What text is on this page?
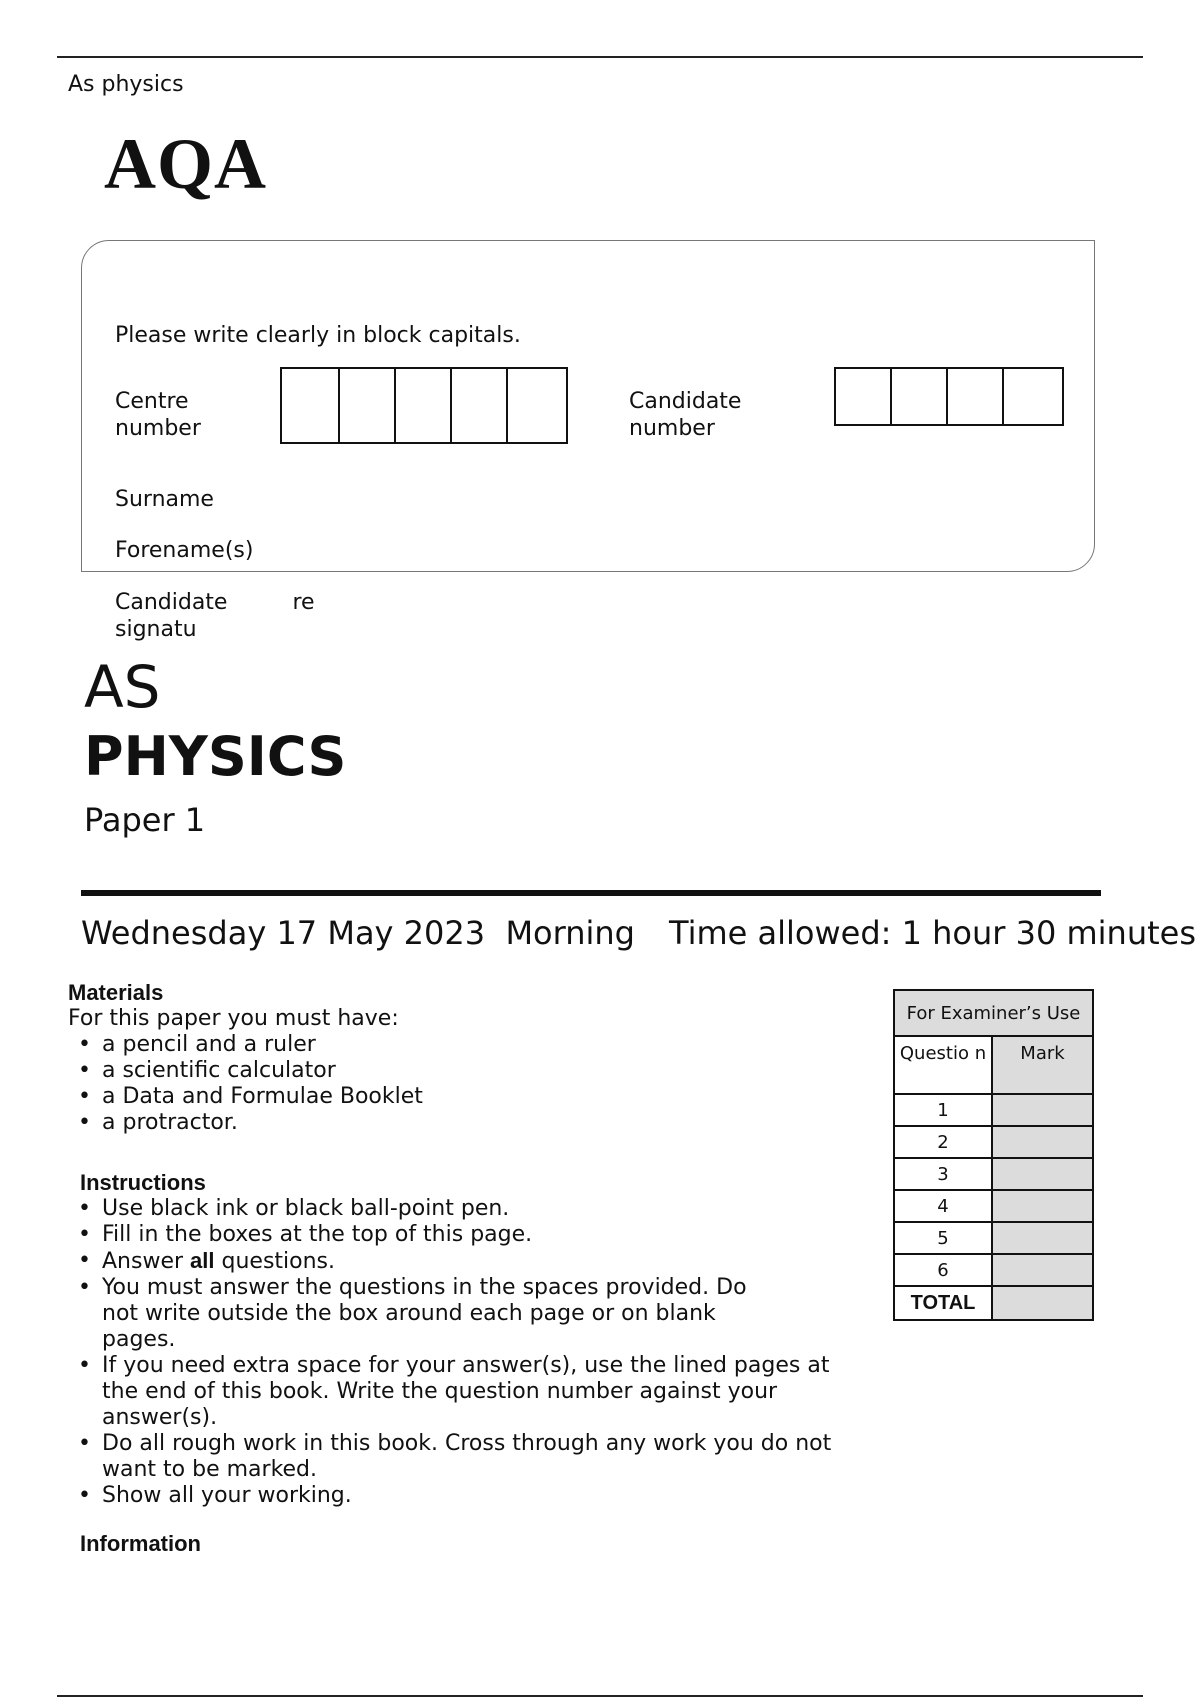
As physics
AQA
Please write clearly in block capitals.
Centre
number
Candidate
number
Surname
Forename(s)
Candidate	re
signatu
AS
PHYSICS
Paper 1
Wednesday 17 May 2023  Morning Time allowed: 1 hour 30 minutes
Materials
For this paper you must have:
• a pencil and a ruler
• a scientific calculator
• a Data and Formulae Booklet
• a protractor.
Instructions
• Use black ink or black ball-point pen.
• Fill in the boxes at the top of this page.
• Answer all questions.
• You must answer the questions in the spaces provided. Do not write outside the box around each page or on blank pages.
• If you need extra space for your answer(s), use the lined pages at the end of this book. Write the question number against your answer(s).
• Do all rough work in this book. Cross through any work you do not want to be marked.
• Show all your working.
Information
For Examiner’s Use	
Questio n	Mark
1	
2	
3	
4	
5	
6	
TOTAL	
